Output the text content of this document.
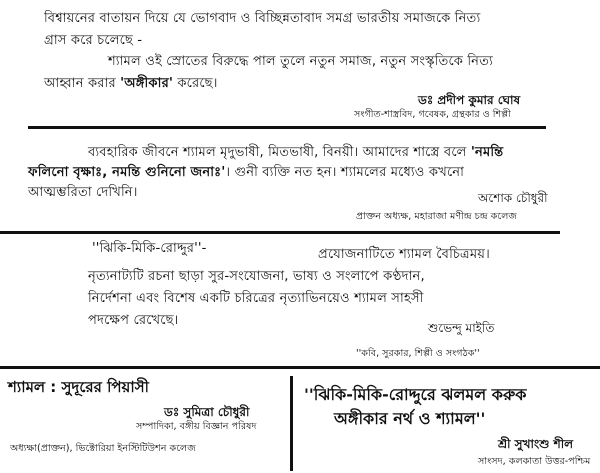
বিশ্বায়নের বাতায়ন দিয়ে যে ভোগবাদ ও বিচ্ছিন্নতাবাদ সমগ্র ভারতীয় সমাজকে নিত্য
গ্রাস করে চলেছে -
শ্যামল ওই স্রোতের বিরুদ্ধে পাল তুলে নতুন সমাজ, নতুন সংস্কৃতিকে নিত্য
আহ্বান করার 'অঙ্গীকার' করেছে।
ডঃ প্রদীপ কুমার ঘোষ
সংগীত-শাস্ত্রবিদ, গবেষক, গ্রন্থকার ও শিল্পী
ব্যবহারিক জীবনে শ্যামল মৃদুভাষী, মিতভাষী, বিনয়ী। আমাদের শাস্ত্রে বলে 'নমন্তি
ফলিনো বৃক্ষাঃ, নমন্তি গুনিনো জনাঃ'। গুনী ব্যক্তি নত হন। শ্যামলের মধ্যেও কখনো
আত্মম্ভরিতা দেখিনি।	অশোক চৌধুরী
প্রাক্তন অধ্যক্ষ, মহারাজা মণীন্দ্র চন্দ্র কলেজ
''ঝিকি-মিকি-রোদ্দুর''-	প্রযোজনাটিতে শ্যামল বৈচিত্রময়।
নৃত্যনাট্যটি রচনা ছাড়া সুর-সংযোজনা, ভাষ্য ও সংলাপে কণ্ঠদান,
নির্দেশনা এবং বিশেষ একটি চরিত্রের নৃত্যাভিনয়েও শ্যামল সাহসী
পদক্ষেপ রেখেছে।	শুভেন্দু মাইতি
''কবি, সুরকার, শিল্পী ও সংগঠক''
শ্যামল : সুদূরের পিয়াসী
ডঃ সুমিত্রা চৌধুরী
সম্পাদিকা, বঙ্গীয় বিজ্ঞান পরিষদ
অধ্যক্ষা(প্রাক্তন), ভিক্টোরিয়া ইনস্টিটিউশন কলেজ
''ঝিকি-মিকি-রোদ্দুরে ঝলমল করুক
অঙ্গীকার নর্থ ও শ্যামল''
শ্রী সুখাংশু শীল
সাংসদ, কলকাতা উত্তর-পশ্চিম
